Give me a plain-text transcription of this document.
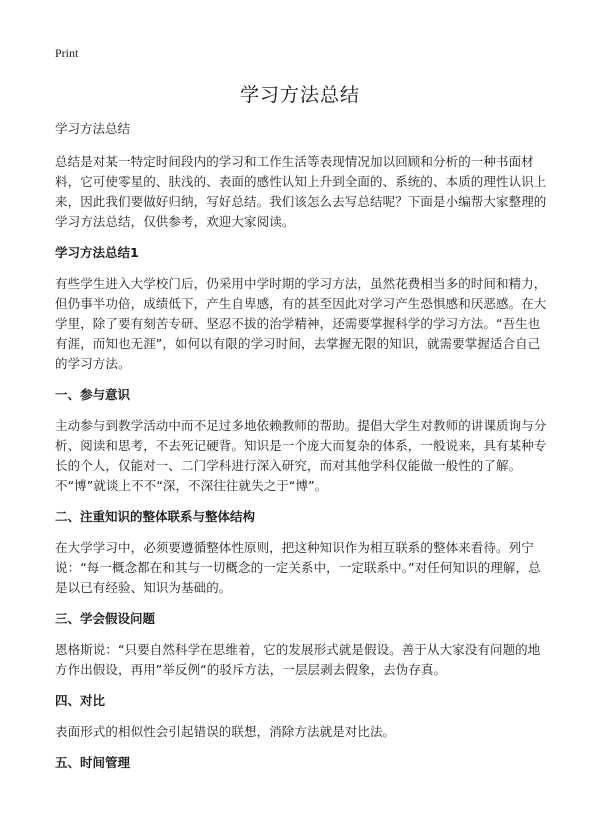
Print
学习方法总结

学习方法总结

总结是对某一特定时间段内的学习和工作生活等表现情况加以回顾和分析的一种书面材料，它可使零星的、肤浅的、表面的感性认知上升到全面的、系统的、本质的理性认识上来，因此我们要做好归纳，写好总结。我们该怎么去写总结呢？下面是小编帮大家整理的学习方法总结，仅供参考，欢迎大家阅读。

学习方法总结1

有些学生进入大学校门后，仍采用中学时期的学习方法，虽然花费相当多的时间和精力，但仍事半功倍，成绩低下，产生自卑感，有的甚至因此对学习产生恐惧感和厌恶感。在大学里，除了要有刻苦专研、坚忍不拔的治学精神，还需要掌握科学的学习方法。“吾生也有涯，而知也无涯”，如何以有限的学习时间，去掌握无限的知识，就需要掌握适合自己的学习方法。

一、参与意识

主动参与到教学活动中而不足过多地依赖教师的帮助。提倡大学生对教师的讲课质询与分析、阅读和思考，不去死记硬背。知识是一个庞大而复杂的体系，一般说来，具有某种专长的个人，仅能对一、二门学科进行深入研究，而对其他学科仅能做一般性的了解。不“博”就谈上不不“深，不深往往就失之于“博”。

二、注重知识的整体联系与整体结构

在大学学习中，必须要遵循整体性原则，把这种知识作为相互联系的整体来看待。列宁说：“每一概念都在和其与一切概念的一定关系中，一定联系中。”对任何知识的理解，总是以已有经验、知识为基础的。

三、学会假设问题

恩格斯说：“只要自然科学在思维着，它的发展形式就是假设。善于从大家没有问题的地方作出假设，再用”举反例“的驳斥方法，一层层剥去假象，去伪存真。

四、对比

表面形式的相似性会引起错误的联想，消除方法就是对比法。

五、时间管理
